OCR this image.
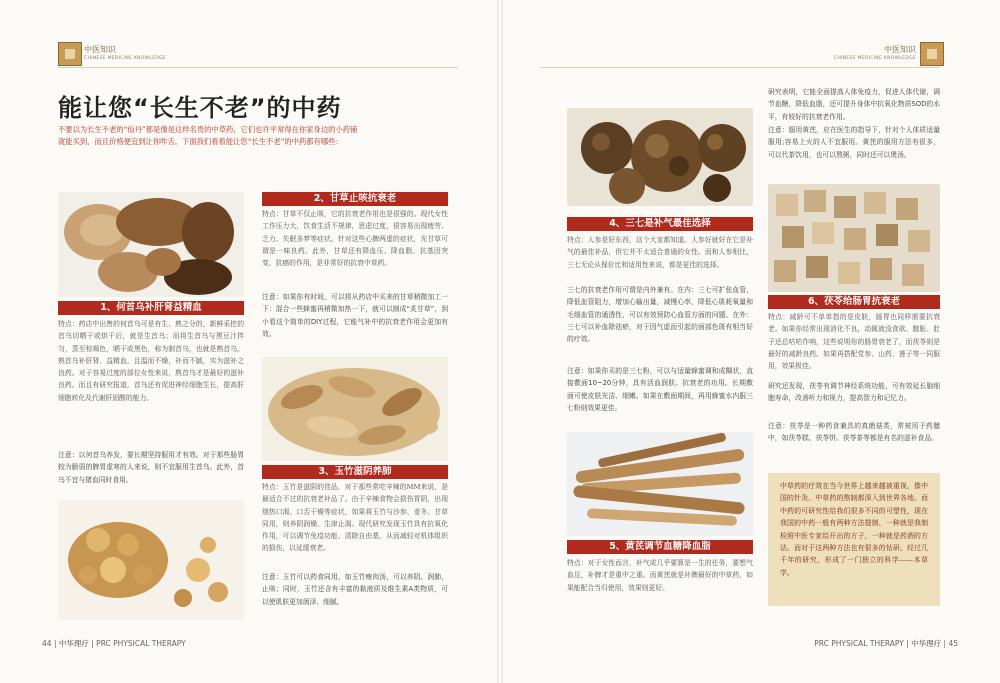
中医知识
CHINESE MEDICINE KNOWLEDGE
中医知识
CHINESE MEDICINE KNOWLEDGE
能让您“长生不老”的中药
不要以为长生不老的“仙丹”都是像是这样名贵的中草药，它们也许平常得在你家身边的小药铺就能买到，而且价格便宜到让你咋舌。下面我们看看能让您“长生不老”的中药都有哪些：
1、何首乌补肝肾益精血
特点：药店中出售的何首乌可是有生、熟之分的，新鲜采挖的首乌切晒干或烘干后，就是生首乌；而将生首乌与黑豆汁拌匀，蒸至棕褐色，晒干或黑色，称为制首乌，也就是熟首乌。熟首乌补肝肾、益精血，且温而不燥，补而不腻，实为滋补之良药。对于容易过度的部位女性来说，熟首乌才是最好的滋补良药。而且有研究报道，首乌还有促进神经细胞生长，提高肝细胞转化及代谢肝固醇的能力。
注意：以何首乌养发，要长期坚持服用才有效。对于那些肠胃较为脆弱的脾胃虚寒的人来说，则不宜服用生首乌。此外，首乌不宜与猪血同时食用。
2、甘草止咳抗衰老
特点：甘草不仅止咳，它的抗衰老作用也是很强的。现代女性工作压力大，饮食生活不规律，思虑过度，很容易出现疲劳、乏力、失眠多梦等症状。针对这些心脾两虚的症状，光甘草可谓是一味良药。此外，甘草还有降血压、降血脂、抗基因突变、抗癌的作用，是非常好的抗衰中草药。
注意：如果你有时间，可以将从药店中买来的甘草稍微加工一下：混合一些蜂蜜再稍微加热一下，就可以制成“炙甘草”，到小看这个简单的DIY过程，它能气补中的抗衰老作用会更加有效。
3、玉竹滋阴养肺
特点：玉竹是滋阴的佳品，对于那些常吃辛辣的MM来说，是最适合不过的抗衰老补品了。由于辛辣食物会损伤胃阴，出现烟热口渴、口舌干燥等症状，如果将玉竹与沙参、麦冬、甘草同用，则养阴润燥、生津止渴。现代研究发现玉竹具有抗氧化作用，可以调节免疫功能、清除自由基，从而减轻对机体组织的损伤，以延缓衰老。
注意：玉竹可以药食同用，如玉竹瘦肉汤，可以养阴、润肺，止咳；同时，玉竹还含有丰富的黏液质及维生素A类物质，可以使肌肤更加润泽、细腻。
4、三七是补气最佳选择
特点：人参是好东西，这个大家都知道。人参好就好在它是补气的最佳补品，但它并不太适合普通的女性。而和人参相比，三七无论从保价比和适用性来说，都是更佳的选择。
三七的抗衰老作用可谓是内外兼有。在内：三七可扩张血管，降低血管阻力，增加心输出量，减慢心率，降低心肌耗氧量和毛细血管的通透性，可以有效预防心血管方面的问题。在外：三七可以补血除祛瘀，对于因气虚而引起的面部色斑有相当好的疗效。
注意：如果你买的是三七粉，可以与适量蜂蜜调和成糊状，直接敷面10~20分钟，具有活血润肤、抗衰老的功用。长期敷面可使皮肤光洁、细嫩。如果在敷面期间，再用蜂蜜水内服三七粉则效果更佳。
5、黄芪调节血糖降血脂
特点：对于女性而言，补气或几乎要算是一生的任务，要想气血足，补脾才是重中之重。而黄芪就是补脾最好的中草药，如果能配合当归使用，效果则更好。
研究表明，它能全面提高人体免疫力，促进人体代谢，调节血糖，降低血脂，还可提升身体中抗氧化物质SOD的水平，有较好的抗衰老作用。
注意：服用黄芪，应在医生的指导下，针对个人体质适量服用;容易上火的人不宜服用。黄芪的服用方法有很多，可以代茶饮用，也可以熬粥，同时还可以煲汤。
6、茯苓给肠胃抗衰老
特点：减龄可不单单指的是皮肤，肠胃也同样需要抗衰老。如果你经常出现消化不良，动辄就没食欲、腹胀、肚子还总咕咕作响，这些说明你的肠胃衰老了，而茯苓则是最好的减龄良药。如果再搭配党参、山药、莲子等一同服用，效果极佳。
研究还发现，茯苓有调节神经系统功能，可有效延长脑细胞寿命，改善听力和视力，提高智力和记忆力。
注意：茯苓是一种药食兼具的真菌菇类，常被用于药膳中，如茯苓糕、茯苓饼。茯苓茶等都是有名的滋补食品。
中草药的疗效在当今世界上越来越被重视，像中国的针灸、中草药的熬制都深入到世界各地。而中药的可研究性给我们很多不同的可塑性，现在我国的中药一般有两种方法提制，一种就是我制检照中医专家给开出的方子，一种就是药酒的方法。而对于这两种方法也有很多的钻研。经过几千年的研究，形成了一门独立的科学——本草学。
44 | 中华理疗 | PRC PHYSICAL THERAPY	PRC PHYSICAL THERAPY | 中华理疗 | 45
